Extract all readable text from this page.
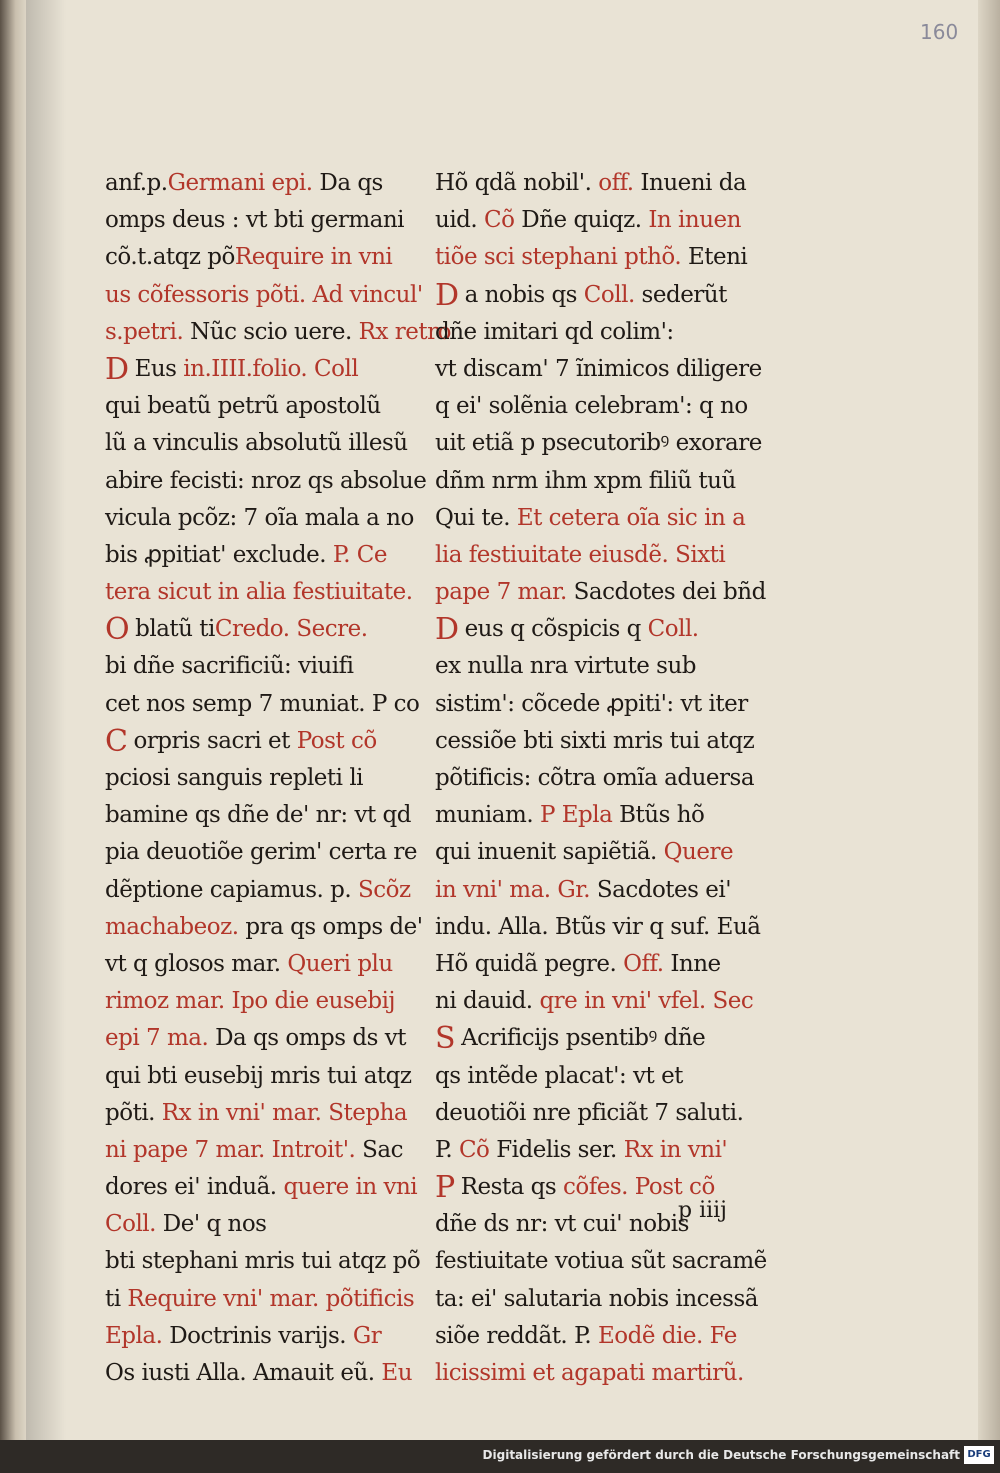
160
anf.p.Germani epi. Da qs
omps deus : vt bti germani
cõ.t.atqz põRequire in vni
us cõfessoris põti. Ad vincul'
s.petri. Nũc scio uere. Rx retro
D Eus in.IIII.folio. Coll
qui beatũ petrũ apostolũ
lũ a vinculis absolutũ illesũ
abire fecisti: nroz qs absolue
vicula pcõz: 7 oĩa mala a no
bis ꝓpitiat' exclude. P. Ce
tera sicut in alia festiuitate.
O blatũ tiCredo. Secre.
bi dñe sacrificiũ: viuifi
cet nos semp 7 muniat. P co
C orpris sacri et Post cõ
pciosi sanguis repleti li
bamine qs dñe de' nr: vt qd
pia deuotiõe gerim' certa re
dẽptione capiamus. p. Scõz
machabeoz. pra qs omps de'
vt q glosos mar. Queri plu
rimoz mar. Ipo die eusebij
epi 7 ma. Da qs omps ds vt
qui bti eusebij mris tui atqz
põti. Rx in vni' mar. Stepha
ni pape 7 mar. Introit'. Sac
dores ei' induã. quere in vni
Coll. De' q nos
bti stephani mris tui atqz põ
ti Require vni' mar. põtificis
Epla. Doctrinis varijs. Gr
Os iusti Alla. Amauit eũ. Eu
Hõ qdã nobil'. off. Inueni da
uid. Cõ Dñe quiqz. In inuen
tiõe sci stephani pthõ. Eteni
D a nobis qs Coll. sederũt
dñe imitari qd colim':
vt discam' 7 ĩnimicos diligere
q ei' solẽnia celebram': q no
uit etiã p psecutoribꝰ exorare
dñm nrm ihm xpm filiũ tuũ
Qui te. Et cetera oĩa sic in a
lia festiuitate eiusdẽ. Sixti
pape 7 mar. Sacdotes dei bñd
D eus q cõspicis q Coll.
ex nulla nra virtute sub
sistim': cõcede ꝓpiti': vt iter
cessiõe bti sixti mris tui atqz
põtificis: cõtra omĩa aduersa
muniam. P Epla Btũs hõ
qui inuenit sapiẽtiã. Quere
in vni' ma. Gr. Sacdotes ei'
indu. Alla. Btũs vir q suf. Euã
Hõ quidã pegre. Off. Inne
ni dauid. qre in vni' vfel. Sec
S Acrificijs psentibꝰ dñe
qs intẽde placat': vt et
deuotiõi nre pficiãt 7 saluti.
P. Cõ Fidelis ser. Rx in vni'
P Resta qs cõfes. Post cõ
dñe ds nr: vt cui' nobis
festiuitate votiua sũt sacramẽ
ta: ei' salutaria nobis incessã
siõe reddãt. P. Eodẽ die. Fe
licissimi et agapati martirũ.
p iiij
Digitalisierung gefördert durch die Deutsche Forschungsgemeinschaft DFG
